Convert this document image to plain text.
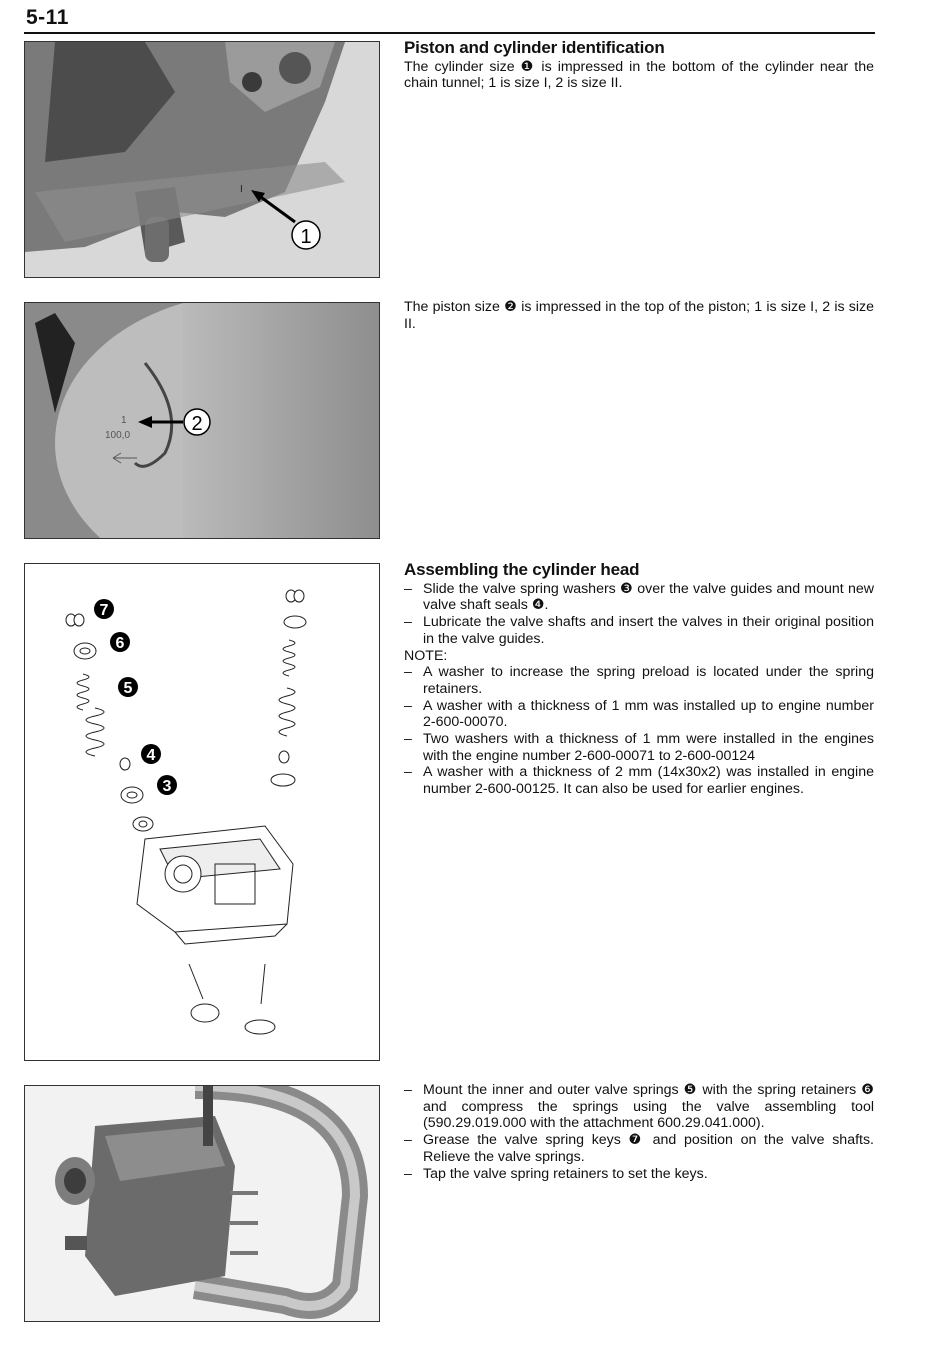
5-11
I
1
Piston and cylinder identification

The cylinder size ❶ is impressed in the bottom of the cylinder near the chain tunnel; 1 is size I, 2 is size II.

1
100,0
2

The piston size ❷ is impressed in the top of the piston; 1 is size I, 2 is size II.

7
6
5
4
3
Assembling the cylinder head
– Slide the valve spring washers ❸ over the valve guides and mount new valve shaft seals ❹.
– Lubricate the valve shafts and insert the valves in their original position in the valve guides.

NOTE:

– A washer to increase the spring preload is located under the spring retainers.
– A washer with a thickness of 1 mm was installed up to engine number 2-600-00070.
– Two washers with a thickness of 1 mm were installed in the engines with the engine number 2-600-00071 to 2-600-00124
– A washer with a thickness of 2 mm (14x30x2) was installed in engine number 2-600-00125. It can also be used for earlier engines.
– Mount the inner and outer valve springs ❺ with the spring retainers ❻ and compress the springs using the valve assembling tool (590.29.019.000 with the attachment 600.29.041.000).
– Grease the valve spring keys ❼ and position on the valve shafts. Relieve the valve springs.
– Tap the valve spring retainers to set the keys.
